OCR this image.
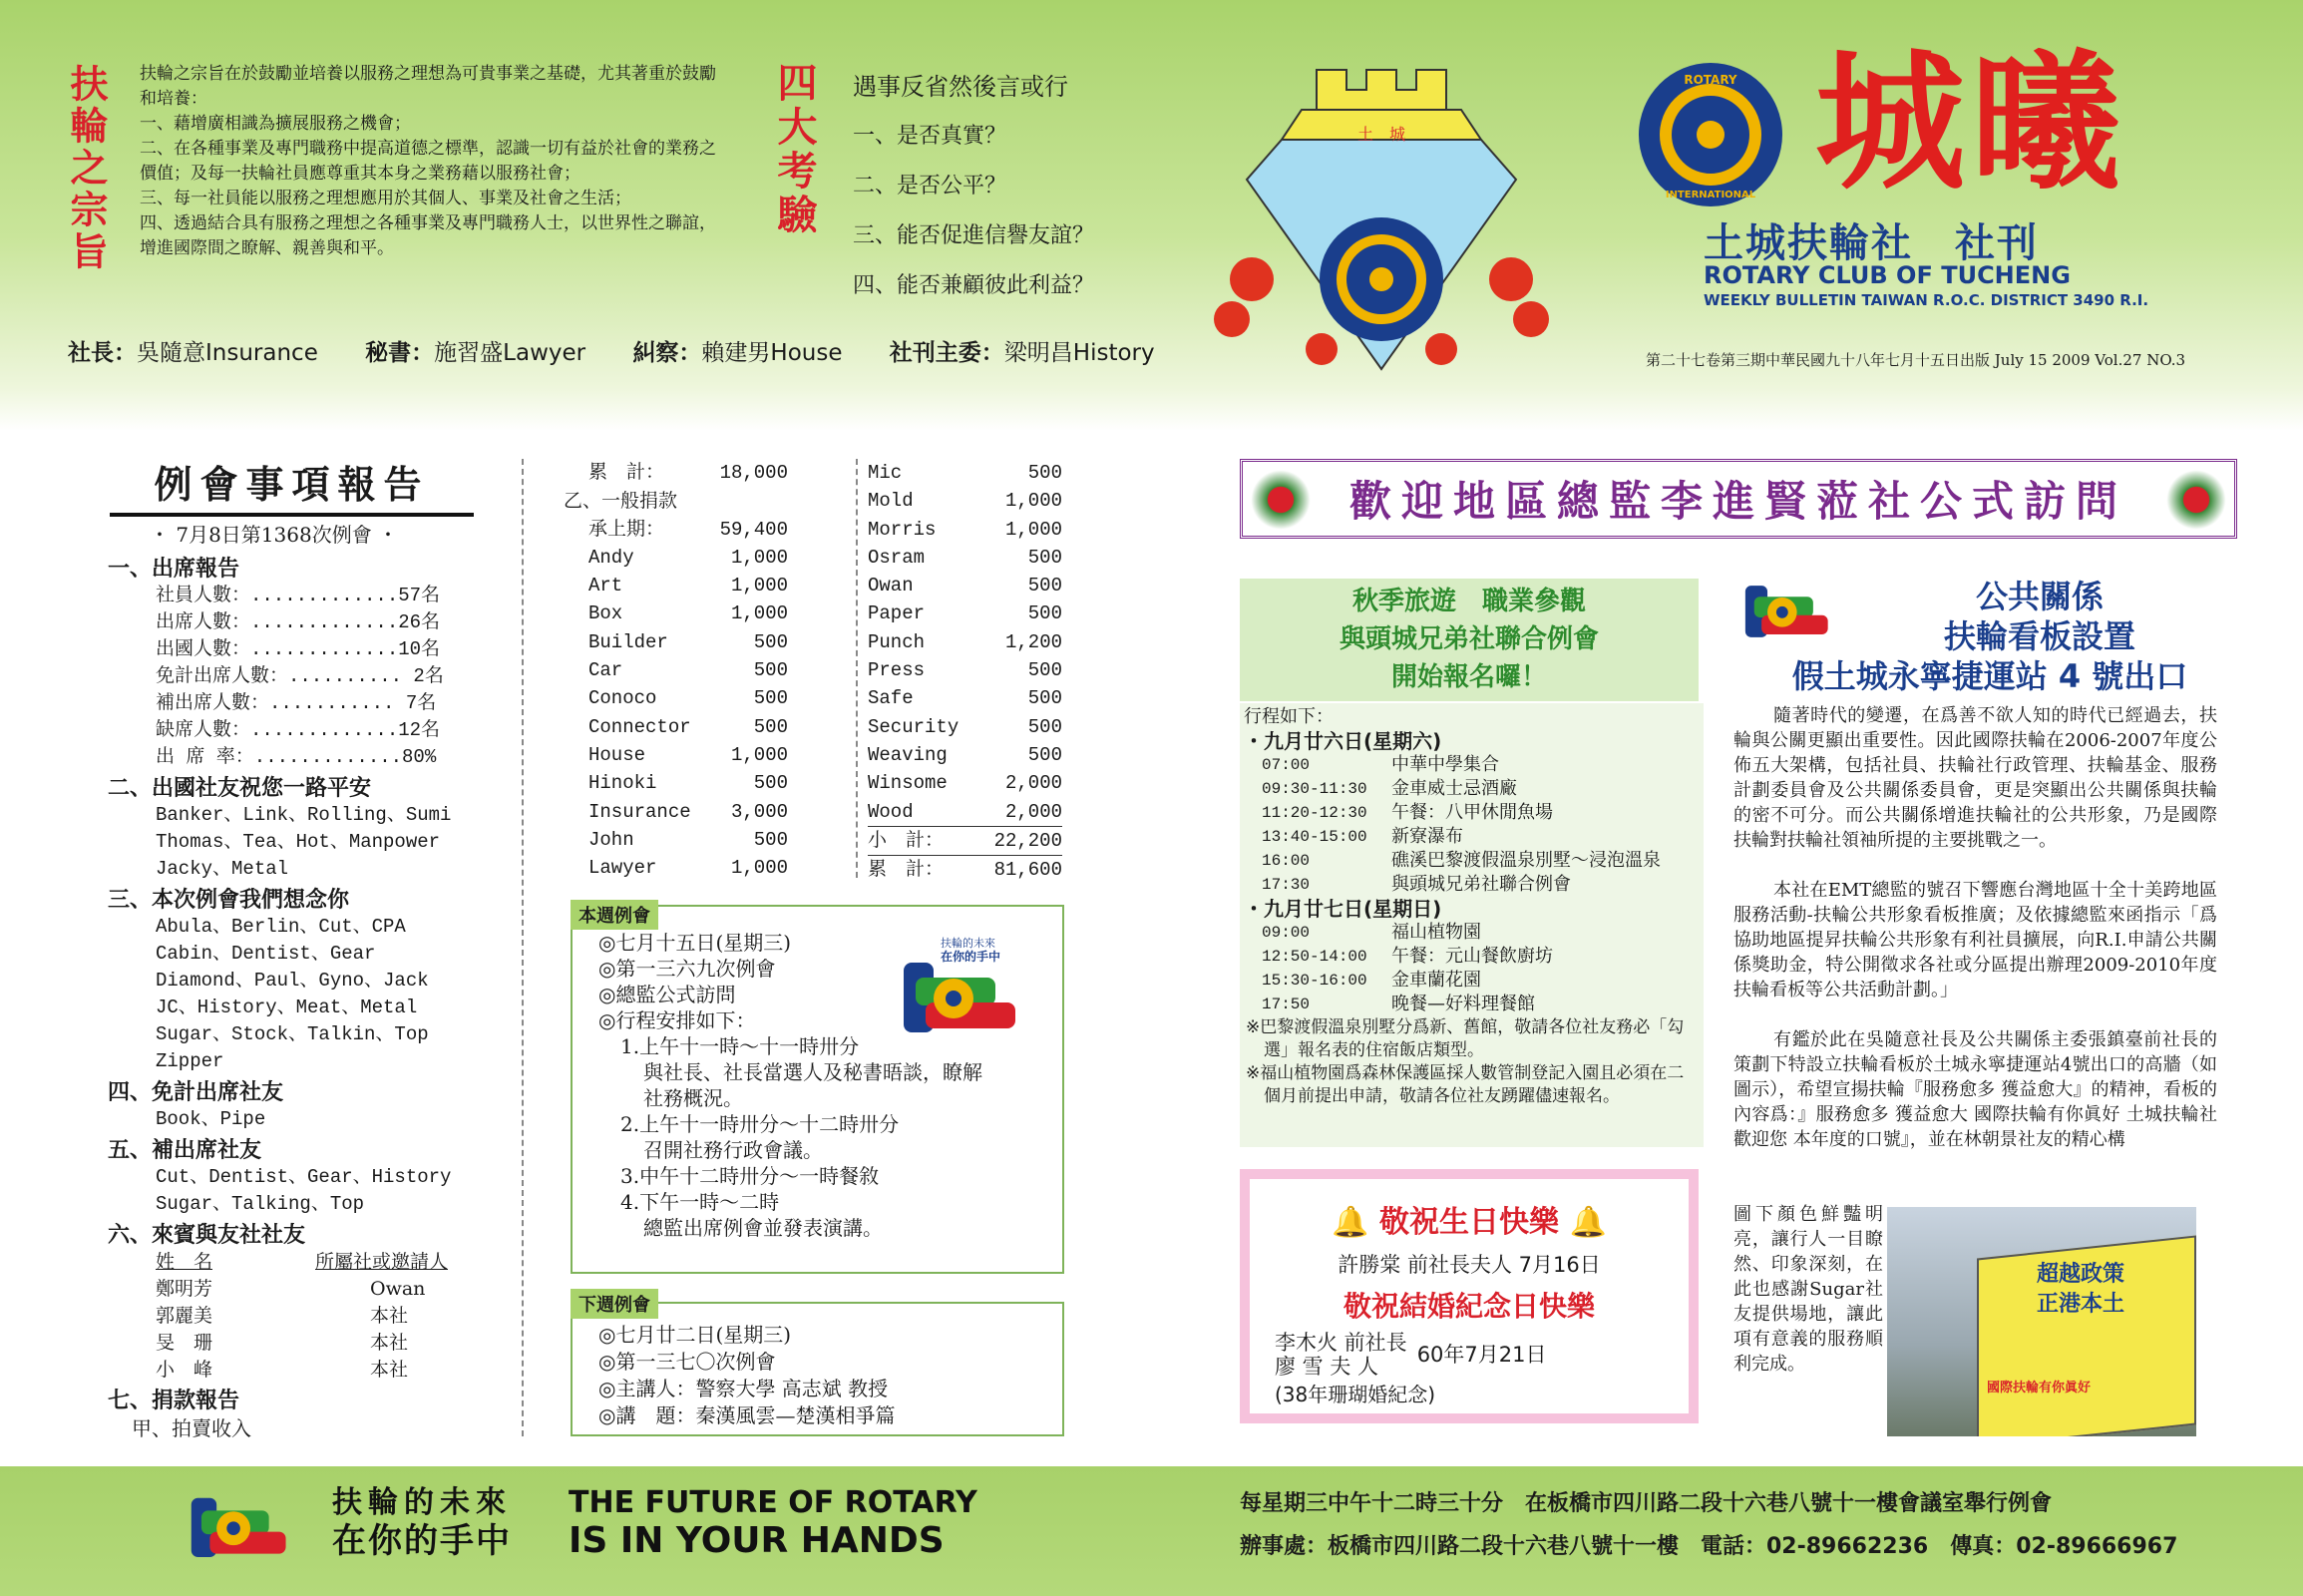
扶輪之宗旨 扶輪之宗旨在於鼓勵並培養以服務之理想為可貴事業之基礎，尤其著重於鼓勵和培養：
一、藉增廣相識為擴展服務之機會；
二、在各種事業及專門職務中提高道德之標準，認識一切有益於社會的業務之價值；及每一扶輪社員應尊重其本身之業務藉以服務社會；
三、每一社員能以服務之理想應用於其個人、事業及社會之生活；
四、透過結合具有服務之理想之各種事業及專門職務人士，以世界性之聯誼，增進國際間之瞭解、親善與和平。
四大考驗 遇事反省然後言或行
一、是否真實？
二、是否公平？
三、能否促進信譽友誼？
四、能否兼顧彼此利益？
社長：吳隨意Insurance 秘書：施習盛Lawyer 糾察：賴建男House 社刊主委：梁明昌History
土　城
ROTARY
INTERNATIONAL 城曦
土城扶輪社　社刊
ROTARY CLUB OF TUCHENG
WEEKLY BULLETIN TAIWAN R.O.C. DISTRICT 3490 R.I.
第二十七卷第三期中華民國九十八年七月十五日出版 July 15 2009 Vol.27 NO.3
例會事項報告
・ 7月8日第1368次例會 ・
一、出席報告
社員人數：.............57名
出席人數：.............26名
出國人數：.............10名
免計出席人數：.......... 2名
補出席人數：........... 7名
缺席人數：.............12名
出 席 率：.............80%
二、出國社友祝您一路平安
Banker、Link、Rolling、Sumi
Thomas、Tea、Hot、Manpower
Jacky、Metal
三、本次例會我們想念你
Abula、Berlin、Cut、CPA
Cabin、Dentist、Gear
Diamond、Paul、Gyno、Jack
JC、History、Meat、Metal
Sugar、Stock、Talkin、Top
Zipper
四、免計出席社友
Book、Pipe
五、補出席社友
Cut、Dentist、Gear、History
Sugar、Talking、Top
六、來賓與友社社友
姓　名	所屬社或邀請人
鄭明芳	Owan
郭麗美	本社
旻　珊	本社
小　峰	本社
七、捐款報告
甲、拍賣收入
累　計：	18,000
乙、一般捐款
承上期：	59,400
Andy	1,000
Art	1,000
Box	1,000
Builder	500
Car	500
Conoco	500
Connector	500
House	1,000
Hinoki	500
Insurance 3,000
John	500
Lawyer	1,000
Mic	500
Mold	1,000
Morris	1,000
Osram	500
Owan	500
Paper	500
Punch	1,200
Press	500
Safe	500
Security	500
Weaving	500
Winsome	2,000
Wood	2,000
小　計：	22,200
累　計：	81,600
本週例會
◎七月十五日(星期三)
◎第一三六九次例會
◎總監公式訪問
◎行程安排如下：
1.上午十一時～十一時卅分
與社長、社長當選人及秘書晤談，瞭解
社務概況。
2.上午十一時卅分～十二時卅分
召開社務行政會議。
3.中午十二時卅分～一時餐敘
4.下午一時～二時
總監出席例會並發表演講。
扶輪的未來
在你的手中
下週例會
◎七月廿二日(星期三)
◎第一三七〇次例會
◎主講人：警察大學 高志斌 教授
◎講　題：秦漢風雲—楚漢相爭篇
歡迎地區總監李進賢蒞社公式訪問
秋季旅遊　職業參觀
與頭城兄弟社聯合例會
開始報名囉！
行程如下：
・九月廿六日(星期六)
07:00	中華中學集合
09:30-11:30	金車威士忌酒廠
11:20-12:30	午餐：八甲休閒魚場
13:40-15:00	新寮瀑布
16:00	礁溪巴黎渡假溫泉別墅～浸泡溫泉
17:30	與頭城兄弟社聯合例會
・九月廿七日(星期日)
09:00	福山植物園
12:50-14:00	午餐：元山餐飲廚坊
15:30-16:00	金車蘭花園
17:50	晚餐—好料理餐館
※巴黎渡假溫泉別墅分爲新、舊館，敬請各位社友務必「勾選」報名表的住宿飯店類型。
※福山植物園爲森林保護區採人數管制登記入園且必須在二個月前提出申請，敬請各位社友踴躍儘速報名。
🔔 敬祝生日快樂 🔔
許勝棠 前社長夫人 7月16日
敬祝結婚紀念日快樂
李木火 前社長
廖 雪 夫 人	60年7月21日
(38年珊瑚婚紀念)
公共關係
扶輪看板設置
假土城永寧捷運站 4 號出口
隨著時代的變遷，在爲善不欲人知的時代已經過去，扶輪與公關更顯出重要性。因此國際扶輪在2006-2007年度公佈五大架構，包括社員、扶輪社行政管理、扶輪基金、服務計劃委員會及公共關係委員會，更是突顯出公共關係與扶輪的密不可分。而公共關係增進扶輪社的公共形象，乃是國際扶輪對扶輪社領袖所提的主要挑戰之一。
本社在EMT總監的號召下響應台灣地區十全十美跨地區服務活動-扶輪公共形象看板推廣；及依據總監來函指示「爲協助地區提昇扶輪公共形象有利社員擴展，向R.I.申請公共關係獎助金，特公開徵求各社或分區提出辦理2009-2010年度扶輪看板等公共活動計劃。」
有鑑於此在吳隨意社長及公共關係主委張鎮臺前社長的策劃下特設立扶輪看板於土城永寧捷運站4號出口的高牆（如圖示），希望宣揚扶輪『服務愈多 獲益愈大』的精神，看板的內容爲：』服務愈多 獲益愈大 國際扶輪有你眞好 土城扶輪社歡迎您 本年度的口號』，並在林朝景社友的精心構
圖下顏色鮮豔明亮，讓行人一目瞭然、印象深刻，在此也感謝Sugar社友提供場地，讓此項有意義的服務順利完成。
超越政策
正港本土
國際扶輪有你眞好
扶輪的未來
在你的手中
THE FUTURE OF ROTARY
IS IN YOUR HANDS
每星期三中午十二時三十分　在板橋市四川路二段十六巷八號十一樓會議室舉行例會
辦事處：板橋市四川路二段十六巷八號十一樓　電話：02-89662236　傳真：02-89666967
